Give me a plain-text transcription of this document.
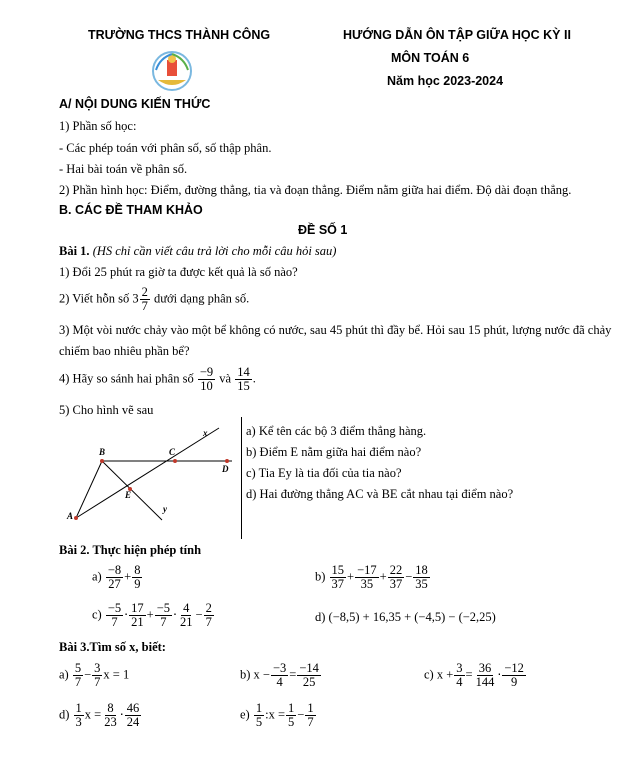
TRƯỜNG THCS THÀNH CÔNG	HƯỚNG DẪN ÔN TẬP GIỮA HỌC KỲ II
MÔN TOÁN 6
Năm học 2023-2024
A/ NỘI DUNG KIẾN THỨC
1) Phần số học:
- Các phép toán với phân số, số thập phân.
- Hai bài toán về phân số.
2) Phần hình học: Điểm, đường thẳng, tia và đoạn thẳng. Điểm nằm giữa hai điểm. Độ dài đoạn thẳng.
B. CÁC ĐỀ THAM KHẢO
ĐỀ SỐ 1
Bài 1. (HS chỉ cần viết câu trả lời cho mỗi câu hỏi sau)
1) Đổi 25 phút ra giờ ta được kết quả là số nào?
2) Viết hỗn số $3 \frac{2}{7}$ dưới dạng phân số.
3) Một vòi nước chảy vào một bể không có nước, sau 45 phút thì đầy bể. Hỏi sau 15 phút, lượng nước đã chảy
chiếm bao nhiêu phần bể?
4) Hãy so sánh hai phân số $\frac{-9}{10}$ và $\frac{14}{15}$ .
5) Cho hình vẽ sau
A
B	C
D
E
x
y
a) Kể tên các bộ 3 điểm thẳng hàng.
b) Điểm E nằm giữa hai điểm nào?
c) Tia Ey là tia đối của tia nào?
d) Hai đường thẳng AC và BE cắt nhau tại điểm nào?
Bài 2. Thực hiện phép tính
$a) \frac{-8}{27} + \frac{8}{9}$	$b) \frac{15}{37} + \frac{-17}{35} + \frac{22}{37} - \frac{18}{35}$
$c) \frac{-5}{7} \cdot \frac{17}{21} + \frac{-5}{7} \cdot \frac{4}{21} - \frac{2}{7}$	d) (−8,5) + 16,35 + (−4,5) − (−2,25)
Bài 3.Tìm số x, biết:
$a) \frac{5}{7} - \frac{3}{7}$ x = 1	b) $x - \frac{-3}{4} = \frac{-14}{25}$	c) $x + \frac{3}{4} = \frac{36}{144} \cdot \frac{-12}{9}$
$d) \frac{1}{3}$ $x = \frac{8}{23} \cdot \frac{46}{24}$	$e) \frac{1}{5}$ :x = $\frac{1}{5} - \frac{1}{7}$
